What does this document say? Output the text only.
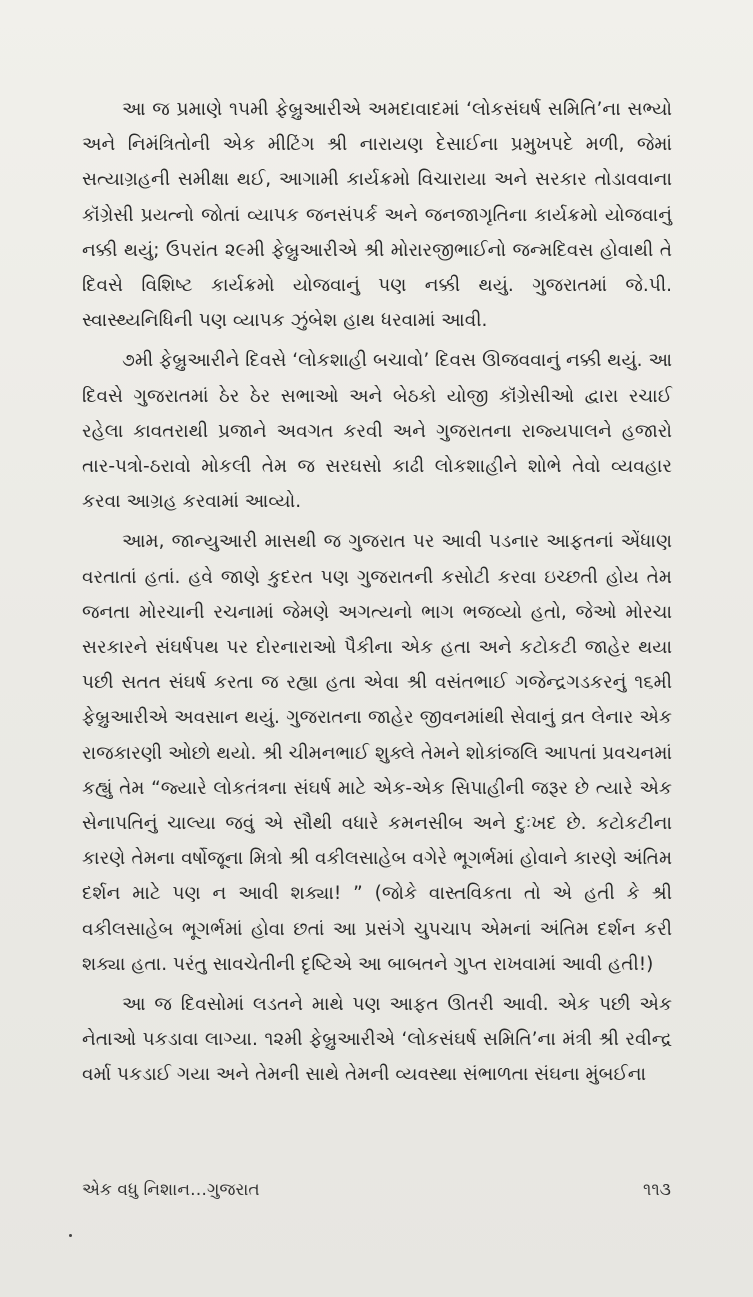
આ જ પ્રમાણે ૧૫મી ફેબ્રુઆરીએ અમદાવાદમાં ‘લોકસંઘર્ષ સમિતિ’ના સભ્યો અને નિમંત્રિતોની એક મીટિંગ શ્રી નારાયણ દેસાઈના પ્રમુખપદે મળી, જેમાં સત્યાગ્રહની સમીક્ષા થઈ, આગામી કાર્યક્રમો વિચારાયા અને સરકાર તોડાવવાના કૉંગ્રેસી પ્રયત્નો જોતાં વ્યાપક જનસંપર્ક અને જનજાગૃતિના કાર્યક્રમો યોજવાનું નક્કી થયું; ઉપરાંત ૨૯મી ફેબ્રુઆરીએ શ્રી મોરારજીભાઈનો જન્મદિવસ હોવાથી તે દિવસે વિશિષ્ટ કાર્યક્રમો યોજવાનું પણ નક્કી થયું. ગુજરાતમાં જે.પી. સ્વાસ્થ્યનિધિની પણ વ્યાપક ઝુંબેશ હાથ ધરવામાં આવી.

૭મી ફેબ્રુઆરીને દિવસે ‘લોકશાહી બચાવો’ દિવસ ઊજવવાનું નક્કી થયું. આ દિવસે ગુજરાતમાં ઠેર ઠેર સભાઓ અને બેઠકો યોજી કૉંગ્રેસીઓ દ્વારા રચાઈ રહેલા કાવતરાથી પ્રજાને અવગત કરવી અને ગુજરાતના રાજ્યપાલને હજારો તાર-પત્રો-ઠરાવો મોકલી તેમ જ સરઘસો કાઢી લોકશાહીને શોભે તેવો વ્યવહાર કરવા આગ્રહ કરવામાં આવ્યો.

આમ, જાન્યુઆરી માસથી જ ગુજરાત પર આવી પડનાર આફતનાં એંધાણ વરતાતાં હતાં. હવે જાણે કુદરત પણ ગુજરાતની કસોટી કરવા ઇચ્છતી હોય તેમ જનતા મોરચાની રચનામાં જેમણે અગત્યનો ભાગ ભજવ્યો હતો, જેઓ મોરચા સરકારને સંઘર્ષપથ પર દોરનારાઓ પૈકીના એક હતા અને કટોકટી જાહેર થયા પછી સતત સંઘર્ષ કરતા જ રહ્યા હતા એવા શ્રી વસંતભાઈ ગજેન્દ્રગડકરનું ૧૬મી ફેબ્રુઆરીએ અવસાન થયું. ગુજરાતના જાહેર જીવનમાંથી સેવાનું વ્રત લેનાર એક રાજકારણી ઓછો થયો. શ્રી ચીમનભાઈ શુક્લે તેમને શોકાંજલિ આપતાં પ્રવચનમાં કહ્યું તેમ “જ્યારે લોકતંત્રના સંઘર્ષ માટે એક-એક સિપાહીની જરૂર છે ત્યારે એક સેનાપતિનું ચાલ્યા જવું એ સૌથી વધારે કમનસીબ અને દુઃખદ છે. કટોકટીના કારણે તેમના વર્ષોજૂના મિત્રો શ્રી વકીલસાહેબ વગેરે ભૂગર્ભમાં હોવાને કારણે અંતિમ દર્શન માટે પણ ન આવી શક્યા! ” (જોકે વાસ્તવિકતા તો એ હતી કે શ્રી વકીલસાહેબ ભૂગર્ભમાં હોવા છતાં આ પ્રસંગે ચુપચાપ એમનાં અંતિમ દર્શન કરી શક્યા હતા. પરંતુ સાવચેતીની દૃષ્ટિએ આ બાબતને ગુપ્ત રાખવામાં આવી હતી!)

આ જ દિવસોમાં લડતને માથે પણ આફત ઊતરી આવી. એક પછી એક નેતાઓ પકડાવા લાગ્યા. ૧૨મી ફેબ્રુઆરીએ ‘લોકસંઘર્ષ સમિતિ’ના મંત્રી શ્રી રવીન્દ્ર વર્મા પકડાઈ ગયા અને તેમની સાથે તેમની વ્યવસ્થા સંભાળતા સંઘના મુંબઈના

એક વધુ નિશાન…ગુજરાત	૧૧૩
